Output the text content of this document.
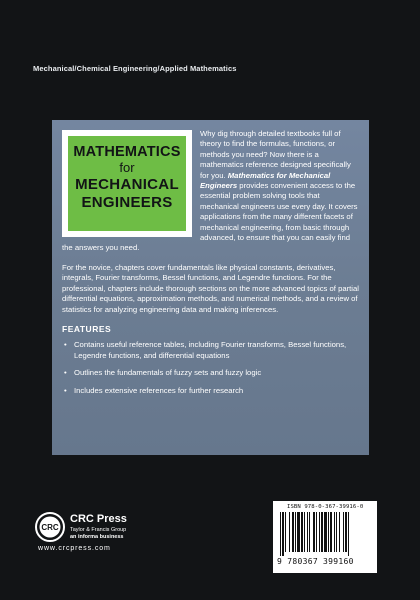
Mechanical/Chemical Engineering/Applied Mathematics
MATHEMATICS
for
MECHANICAL
ENGINEERS

Why dig through detailed textbooks full of theory to find the formulas, functions, or methods you need? Now there is a mathematics reference designed specifically for you. Mathematics for Mechanical Engineers provides convenient access to the essential problem solving tools that mechanical engineers use every day. It covers applications from the many different facets of mechanical engineering, from basic through advanced, to ensure that you can easily find the answers you need.

For the novice, chapters cover fundamentals like physical constants, derivatives, integrals, Fourier transforms, Bessel functions, and Legendre functions. For the professional, chapters include thorough sections on the more advanced topics of partial differential equations, approximation methods, and numerical methods, and a review of statistics for analyzing engineering data and making inferences.

FEATURES
• Contains useful reference tables, including Fourier transforms, Bessel functions, Legendre functions, and differential equations
• Outlines the fundamentals of fuzzy sets and fuzzy logic
• Includes extensive references for further research
CRC
CRC Press
Taylor & Francis Group
an informa business
www.crcpress.com
ISBN 978-0-367-39916-0
9 780367 399160
